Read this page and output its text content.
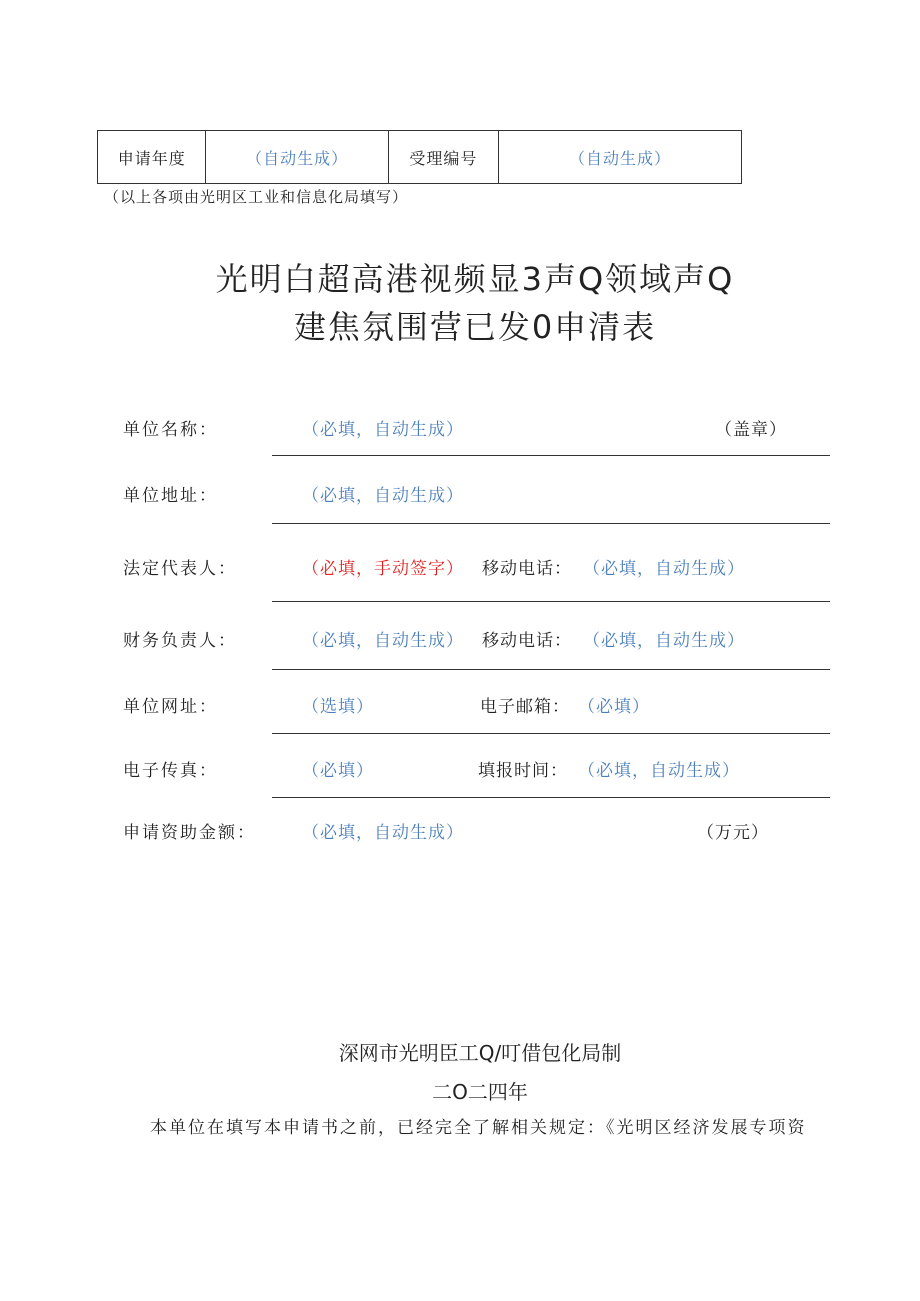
申请年度	（自动生成）	受理编号	（自动生成）
（以上各项由光明区工业和信息化局填写）
光明白超高港视频显3声Q领域声Q
建焦氛围营已发0申清表
单位名称：	（必填，自动生成）	（盖章）
单位地址：	（必填，自动生成）
法定代表人：	（必填，手动签字） 移动电话： （必填，自动生成）
财务负责人：	（必填，自动生成） 移动电话： （必填，自动生成）
单位网址：	（选填）	电子邮箱： （必填）
电子传真：	（必填）	填报时间： （必填，自动生成）
申请资助金额：	（必填，自动生成）	（万元）
深网市光明臣工Q/叮借包化局制
二O二四年
本单位在填写本申请书之前，已经完全了解相关规定：《光明区经济发展专项资
